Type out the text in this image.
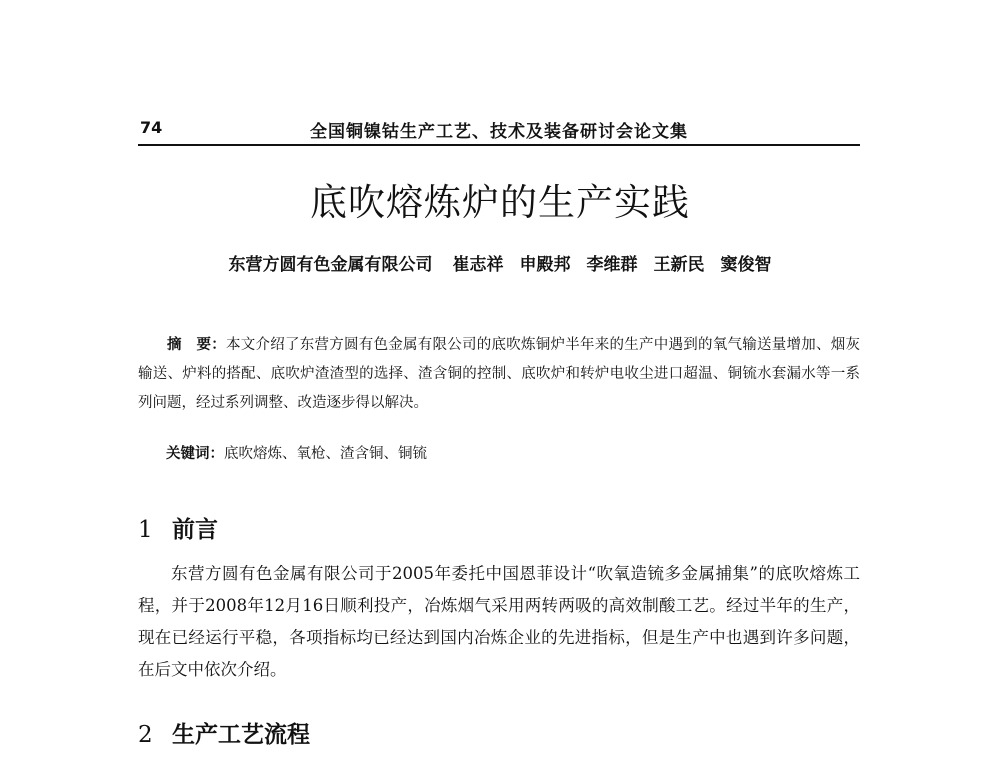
74	全国铜镍钴生产工艺、技术及装备研讨会论文集
底吹熔炼炉的生产实践
东营方圆有色金属有限公司 崔志祥 申殿邦 李维群 王新民 窦俊智

摘　要：本文介绍了东营方圆有色金属有限公司的底吹炼铜炉半年来的生产中遇到的氧气输送量增加、烟灰输送、炉料的搭配、底吹炉渣渣型的选择、渣含铜的控制、底吹炉和转炉电收尘进口超温、铜锍水套漏水等一系列问题，经过系列调整、改造逐步得以解决。

关键词：底吹熔炼、氧枪、渣含铜、铜锍
1 前言

东营方圆有色金属有限公司于2005年委托中国恩菲设计“吹氧造锍多金属捕集”的底吹熔炼工程，并于2008年12月16日顺利投产，冶炼烟气采用两转两吸的高效制酸工艺。经过半年的生产，现在已经运行平稳，各项指标均已经达到国内冶炼企业的先进指标，但是生产中也遇到许多问题，在后文中依次介绍。

2 生产工艺流程
